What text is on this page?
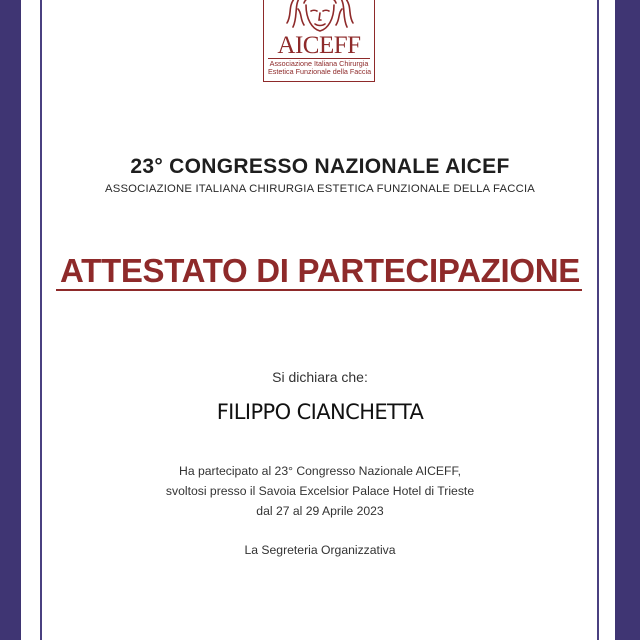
AICEFF
Associazione Italiana Chirurgia
Estetica Funzionale della Faccia
23° CONGRESSO NAZIONALE AICEF
ASSOCIAZIONE ITALIANA CHIRURGIA ESTETICA FUNZIONALE DELLA FACCIA
ATTESTATO DI PARTECIPAZIONE
Si dichiara che:
FILIPPO CIANCHETTA
Ha partecipato al 23° Congresso Nazionale AICEFF,
svoltosi presso il Savoia Excelsior Palace Hotel di Trieste
dal 27 al 29 Aprile 2023
La Segreteria Organizzativa
